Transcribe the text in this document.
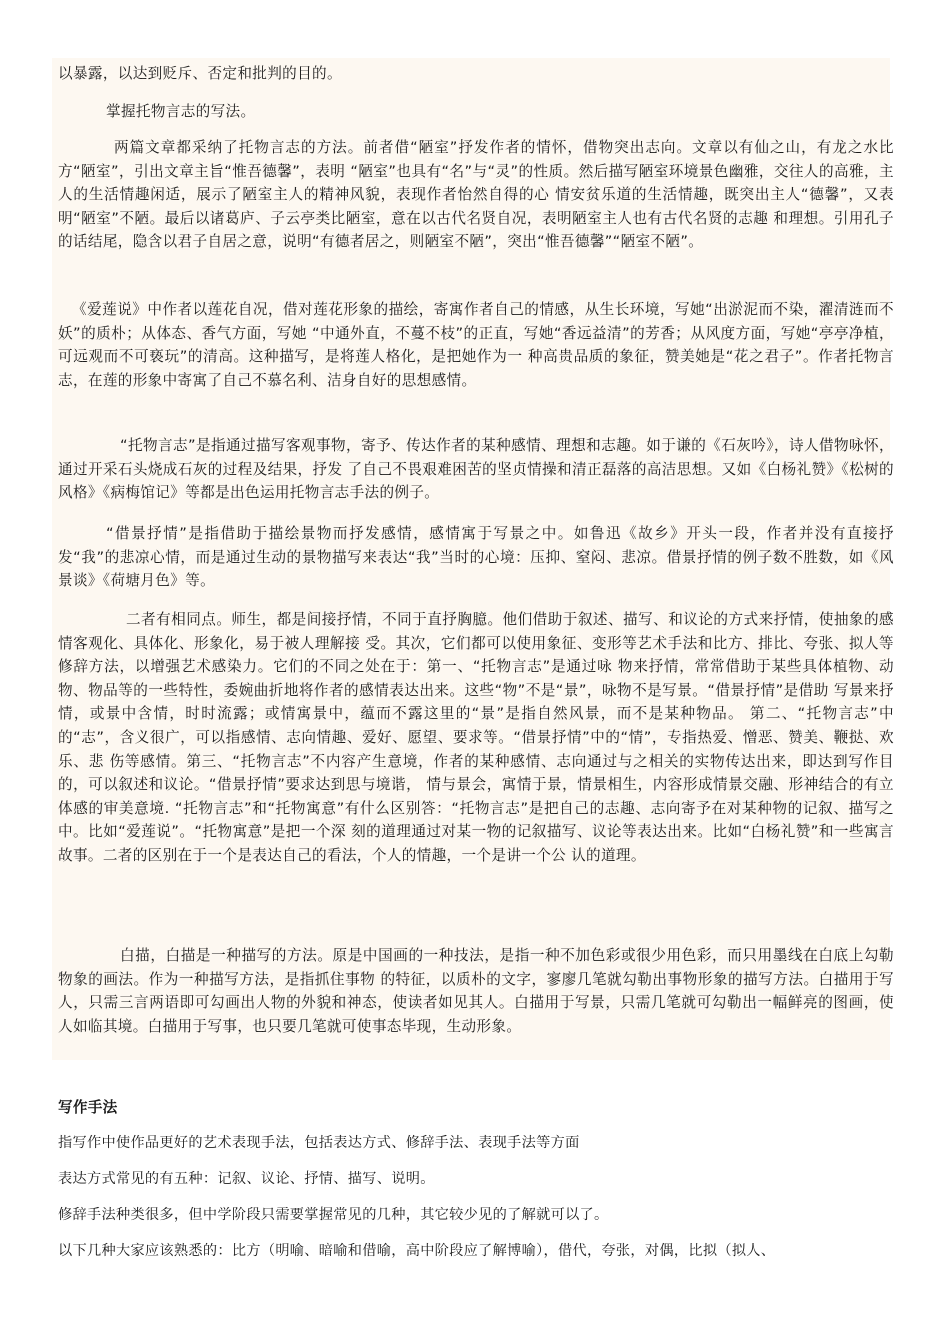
以暴露，以达到贬斥、否定和批判的目的。

掌握托物言志的写法。

两篇文章都采纳了托物言志的方法。前者借“陋室”抒发作者的情怀，借物突出志向。文章以有仙之山，有龙之水比方“陋室”，引出文章主旨“惟吾德馨”，表明 “陋室”也具有“名”与“灵”的性质。然后描写陋室环境景色幽雅，交往人的高雅，主人的生活情趣闲适，展示了陋室主人的精神风貌，表现作者怡然自得的心 情安贫乐道的生活情趣，既突出主人“德馨”，又表明“陋室”不陋。最后以诸葛庐、子云亭类比陋室，意在以古代名贤自况，表明陋室主人也有古代名贤的志趣 和理想。引用孔子的话结尾，隐含以君子自居之意，说明“有德者居之，则陋室不陋”，突出“惟吾德馨”“陋室不陋”。

《爱莲说》中作者以莲花自况，借对莲花形象的描绘，寄寓作者自己的情感，从生长环境，写她“出淤泥而不染，濯清涟而不妖”的质朴；从体态、香气方面，写她 “中通外直，不蔓不枝”的正直，写她“香远益清”的芳香；从风度方面，写她“亭亭净植，可远观而不可亵玩”的清高。这种描写，是将莲人格化，是把她作为一 种高贵品质的象征，赞美她是“花之君子”。作者托物言志，在莲的形象中寄寓了自己不慕名利、洁身自好的思想感情。

“托物言志”是指通过描写客观事物，寄予、传达作者的某种感情、理想和志趣。如于谦的《石灰吟》，诗人借物咏怀，通过开采石头烧成石灰的过程及结果，抒发 了自己不畏艰难困苦的坚贞情操和清正磊落的高洁思想。又如《白杨礼赞》《松树的风格》《病梅馆记》等都是出色运用托物言志手法的例子。

“借景抒情”是指借助于描绘景物而抒发感情，感情寓于写景之中。如鲁迅《故乡》开头一段，作者并没有直接抒发“我”的悲凉心情，而是通过生动的景物描写来表达“我”当时的心境：压抑、窒闷、悲凉。借景抒情的例子数不胜数，如《风景谈》《荷塘月色》等。

二者有相同点。师生，都是间接抒情，不同于直抒胸臆。他们借助于叙述、描写、和议论的方式来抒情，使抽象的感情客观化、具体化、形象化，易于被人理解接 受。其次，它们都可以使用象征、变形等艺术手法和比方、排比、夸张、拟人等修辞方法，以增强艺术感染力。它们的不同之处在于：第一、“托物言志”是通过咏 物来抒情，常常借助于某些具体植物、动物、物品等的一些特性，委婉曲折地将作者的感情表达出来。这些“物”不是“景”，咏物不是写景。“借景抒情”是借助 写景来抒情，或景中含情，时时流露；或情寓景中，蕴而不露这里的“景”是指自然风景，而不是某种物品。 第二、“托物言志”中的“志”，含义很广，可以指感情、志向情趣、爱好、愿望、要求等。“借景抒情”中的“情”，专指热爱、憎恶、赞美、鞭挞、欢乐、悲 伤等感情。第三、“托物言志”不内容产生意境，作者的某种感情、志向通过与之相关的实物传达出来，即达到写作目的，可以叙述和议论。“借景抒情”要求达到思与境谐， 情与景会，寓情于景，情景相生，内容形成情景交融、形神结合的有立体感的审美意境. “托物言志”和“托物寓意”有什么区别答：“托物言志”是把自己的志趣、志向寄予在对某种物的记叙、描写之中。比如“爱莲说”。“托物寓意”是把一个深 刻的道理通过对某一物的记叙描写、议论等表达出来。比如“白杨礼赞”和一些寓言故事。二者的区别在于一个是表达自己的看法，个人的情趣，一个是讲一个公 认的道理。

白描，白描是一种描写的方法。原是中国画的一种技法，是指一种不加色彩或很少用色彩，而只用墨线在白底上勾勒物象的画法。作为一种描写方法，是指抓住事物 的特征，以质朴的文字，寥廖几笔就勾勒出事物形象的描写方法。白描用于写人，只需三言两语即可勾画出人物的外貌和神态，使读者如见其人。白描用于写景，只需几笔就可勾勒出一幅鲜亮的图画，使人如临其境。白描用于写事，也只要几笔就可使事态毕现，生动形象。

写作手法

指写作中使作品更好的艺术表现手法，包括表达方式、修辞手法、表现手法等方面

表达方式常见的有五种：记叙、议论、抒情、描写、说明。

修辞手法种类很多，但中学阶段只需要掌握常见的几种，其它较少见的了解就可以了。

以下几种大家应该熟悉的：比方（明喻、暗喻和借喻，高中阶段应了解博喻），借代，夸张，对偶，比拟（拟人、
